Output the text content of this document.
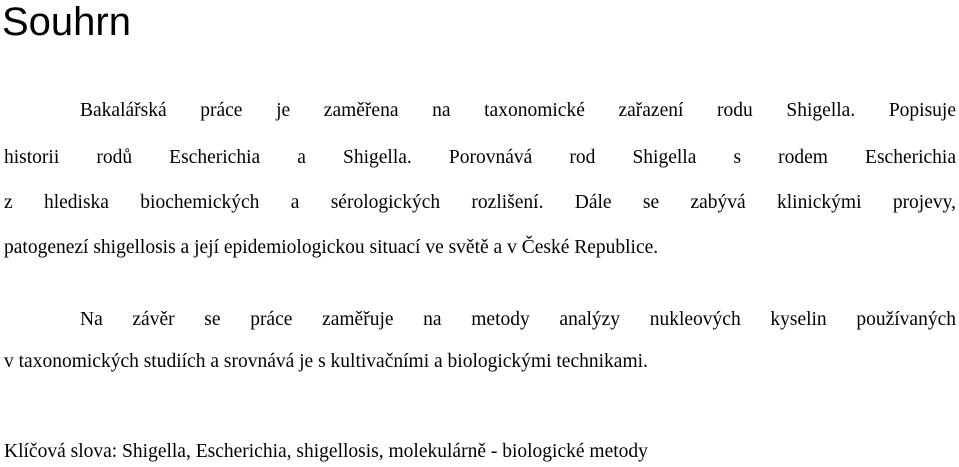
Souhrn
Bakalářská práce je zaměřena na taxonomické zařazení rodu Shigella. Popisuje
historii rodů Escherichia a Shigella. Porovnává rod Shigella s rodem Escherichia
z hlediska biochemických a sérologických rozlišení. Dále se zabývá klinickými projevy,
patogenezí shigellosis a její epidemiologickou situací ve světě a v České Republice.
Na závěr se práce zaměřuje na metody analýzy nukleových kyselin používaných
v taxonomických studiích a srovnává je s kultivačními a biologickými technikami.
Klíčová slova: Shigella, Escherichia, shigellosis, molekulárně - biologické metody
